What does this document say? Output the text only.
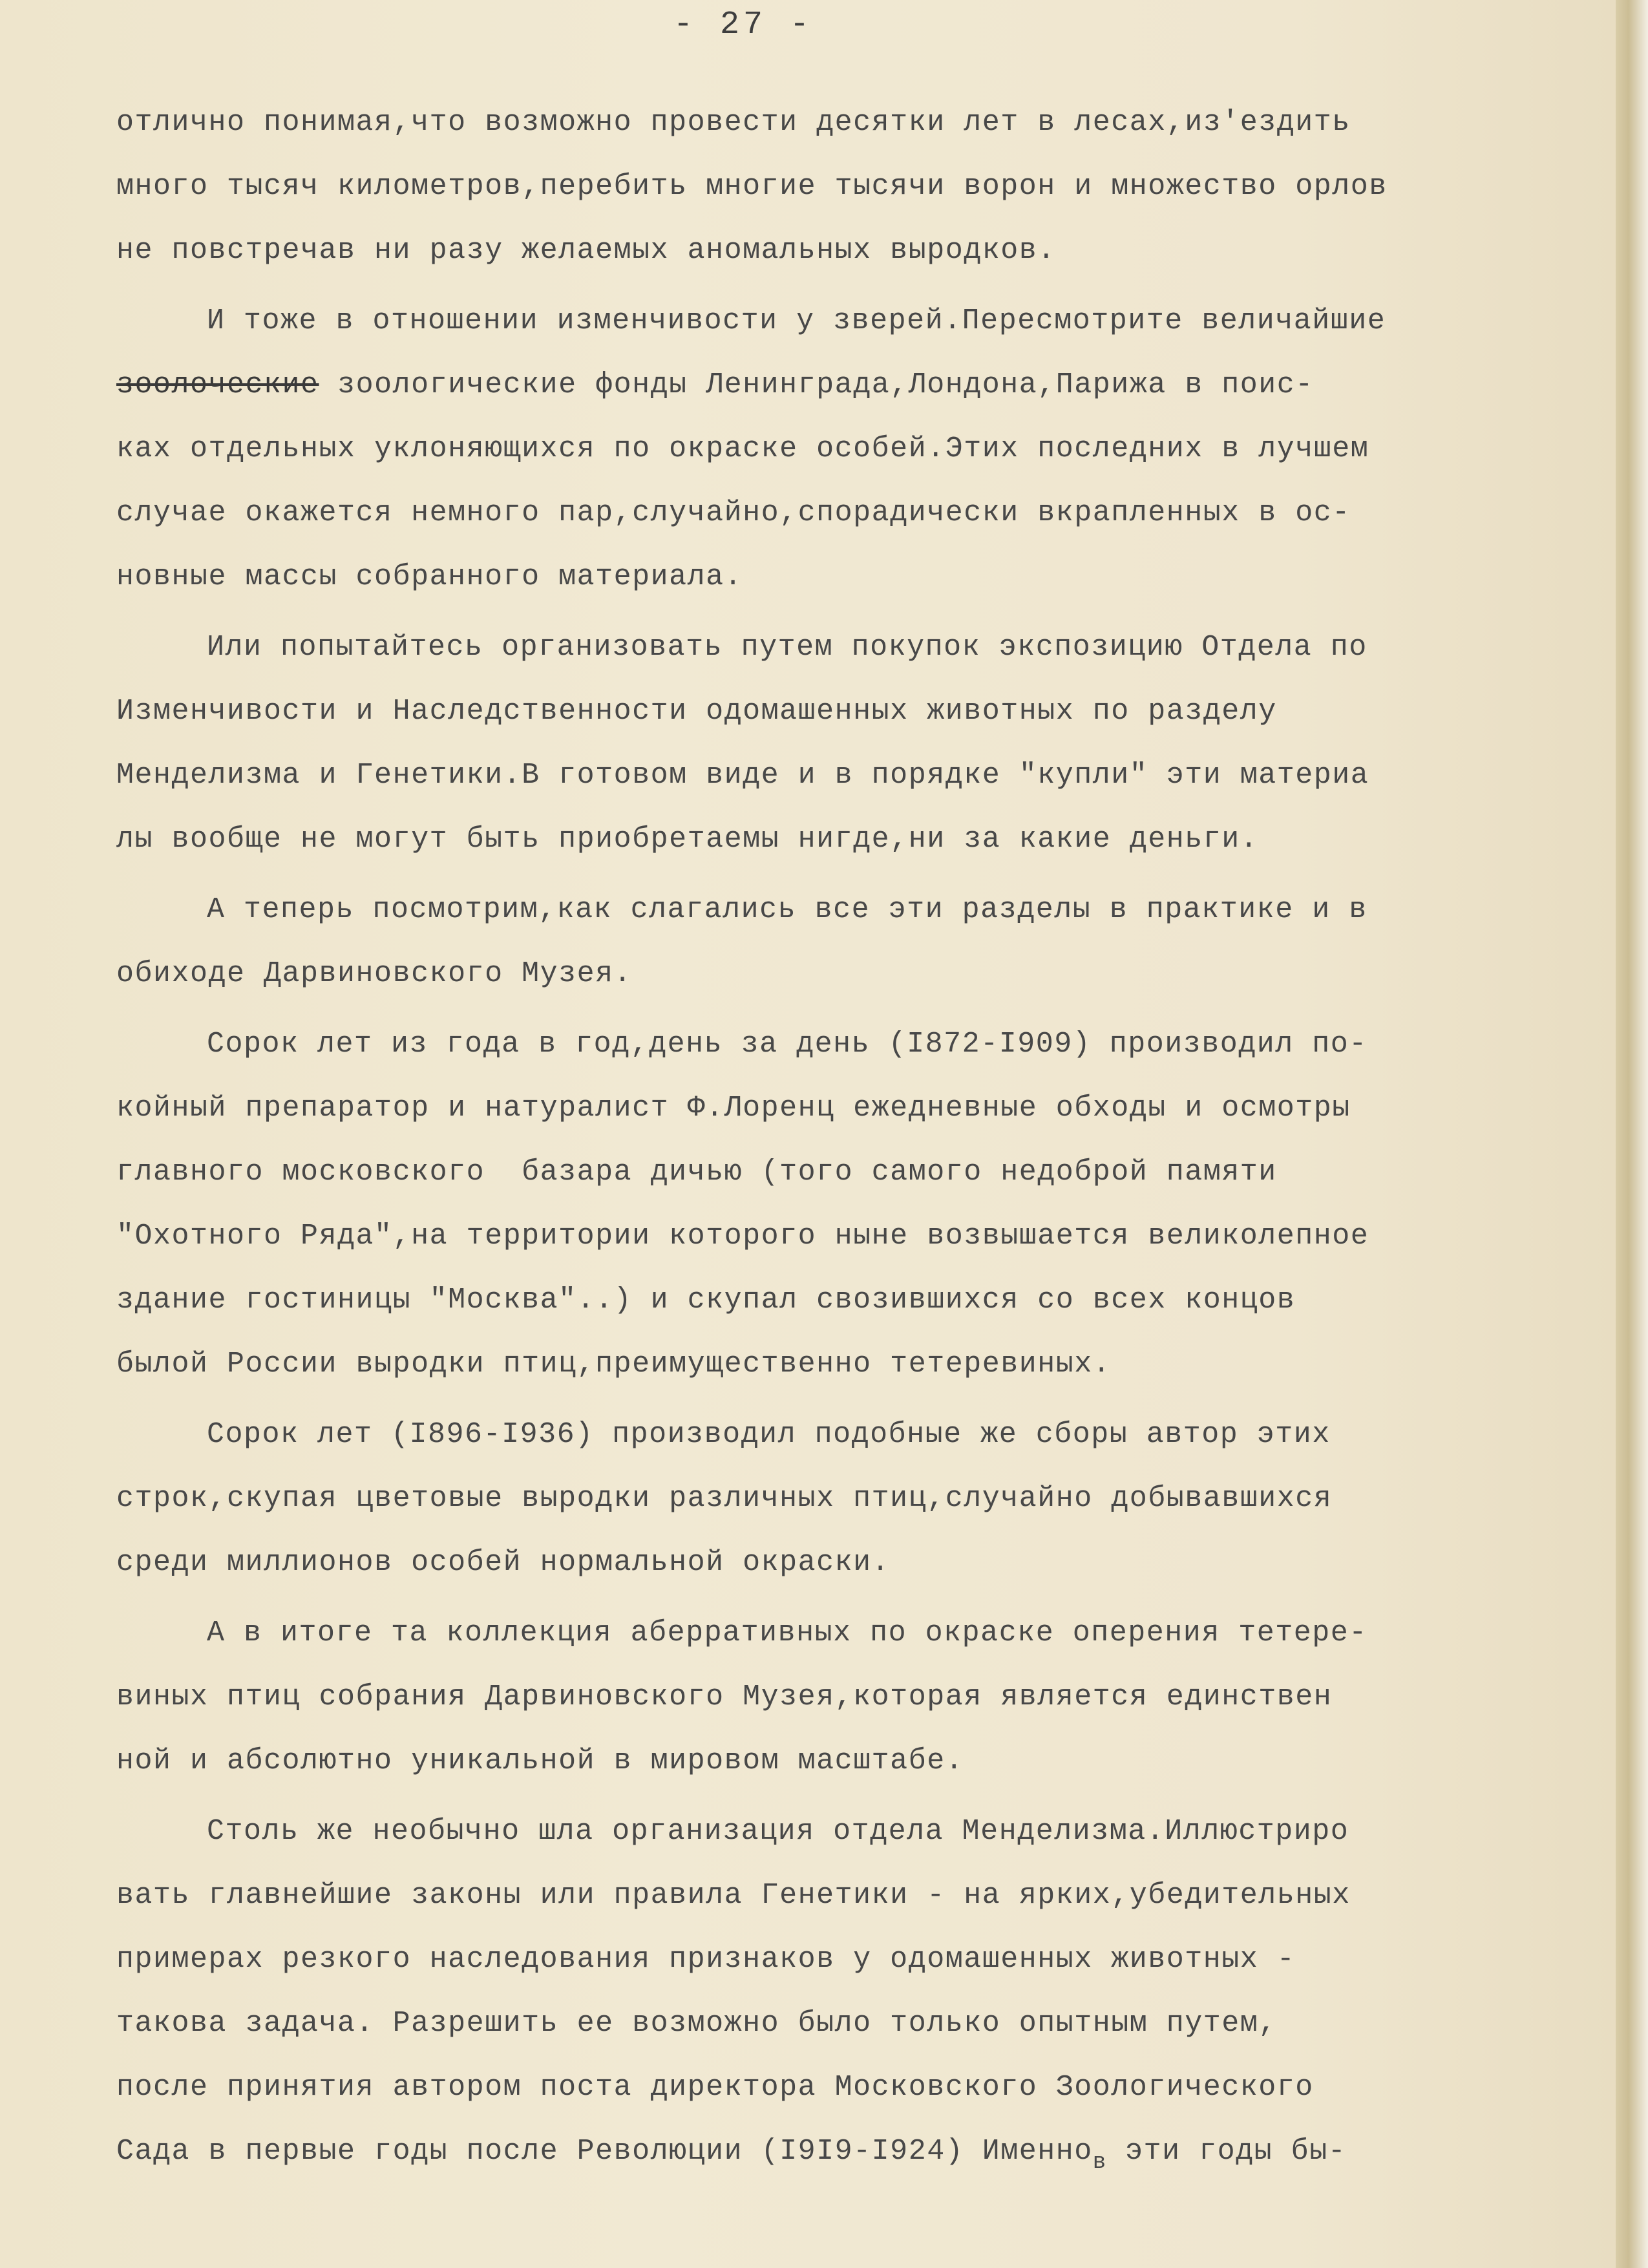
- 27 -
отлично понимая,что возможно провести десятки лет в лесах,из'ездить
много тысяч километров,перебить многие тысячи ворон и множество орлов
не повстречав ни разу желаемых аномальных выродков.
И тоже в отношении изменчивости у зверей.Пересмотрите величайшие
зоолоческие зоологические фонды Ленинграда,Лондона,Парижа в поис-
ках отдельных уклоняющихся по окраске особей.Этих последних в лучшем
случае окажется немного пар,случайно,спорадически вкрапленных в ос-
новные массы собранного материала.
Или попытайтесь организовать путем покупок экспозицию Отдела по
Изменчивости и Наследственности одомашенных животных по разделу
Менделизма и Генетики.В готовом виде и в порядке "купли" эти материа
лы вообще не могут быть приобретаемы нигде,ни за какие деньги.
А теперь посмотрим,как слагались все эти разделы в практике и в
обиходе Дарвиновского Музея.
Сорок лет из года в год,день за день (I872-I909) производил по-
койный препаратор и натуралист Ф.Лоренц ежедневные обходы и осмотры
главного московского  базара дичью (того самого недоброй памяти
"Охотного Ряда",на территории которого ныне возвышается великолепное
здание гостиницы "Москва"..) и скупал свозившихся со всех концов
былой России выродки птиц,преимущественно тетеревиных.
Сорок лет (I896-I936) производил подобные же сборы автор этих
строк,скупая цветовые выродки различных птиц,случайно добывавшихся
среди миллионов особей нормальной окраски.
А в итоге та коллекция аберративных по окраске оперения тетере-
виных птиц собрания Дарвиновского Музея,которая является единствен
ной и абсолютно уникальной в мировом масштабе.
Столь же необычно шла организация отдела Менделизма.Иллюстриро
вать главнейшие законы или правила Генетики - на ярких,убедительных
примерах резкого наследования признаков у одомашенных животных -
такова задача. Разрешить ее возможно было только опытным путем,
после принятия автором поста директора Московского Зоологического
Сада в первые годы после Революции (I9I9-I924) Именно$_в$ эти годы бы-
